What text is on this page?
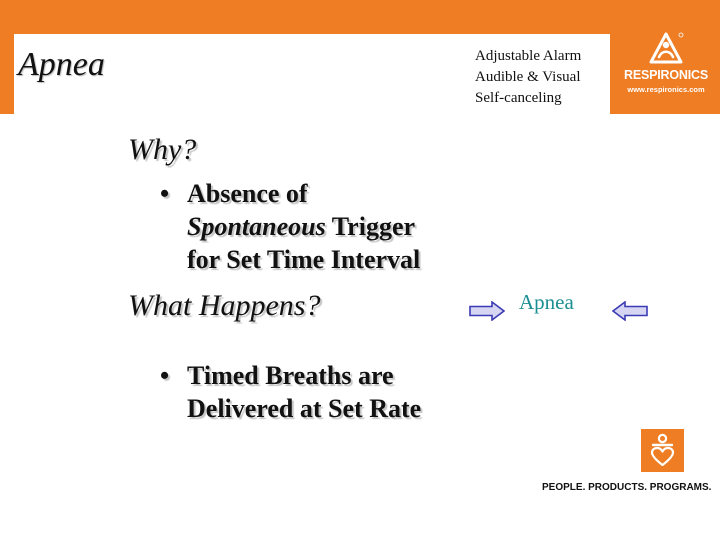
Apnea	Adjustable Alarm
Audible & Visual
Self-canceling
RESPIRONICS
www.respironics.com
Why?
• Absence of
Spontaneous Trigger
for Set Time Interval
What Happens?	Apnea
• Timed Breaths are
Delivered at Set Rate
PEOPLE. PRODUCTS. PROGRAMS.
